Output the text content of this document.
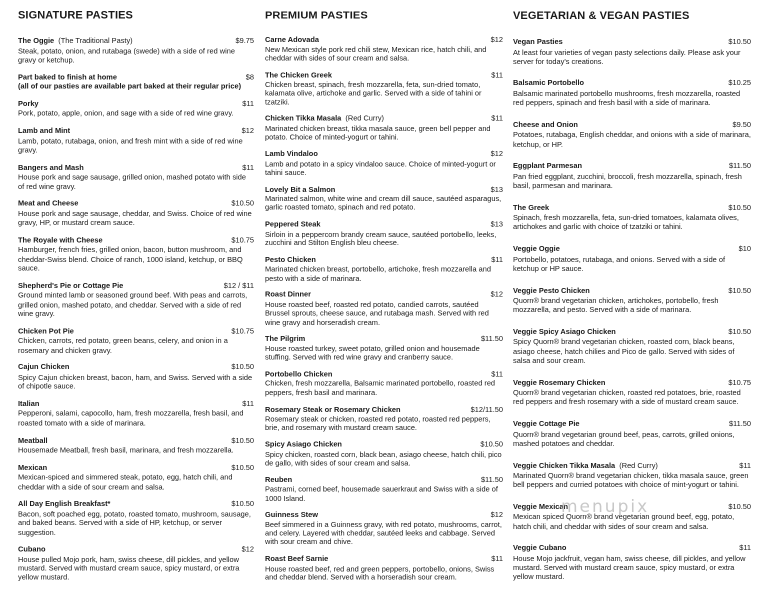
SIGNATURE PASTIES
The Oggie (The Traditional Pasty)	$9.75
Steak, potato, onion, and rutabaga (swede) with a side of red wine gravy or ketchup.
Part baked to finish at home	$8
(all of our pasties are available part baked at their regular price)
Porky	$11
Pork, potato, apple, onion, and sage with a side of red wine gravy.
Lamb and Mint	$12
Lamb, potato, rutabaga, onion, and fresh mint with a side of red wine gravy.
Bangers and Mash	$11
House pork and sage sausage, grilled onion, mashed potato with side of red wine gravy.
Meat and Cheese	$10.50
House pork and sage sausage, cheddar, and Swiss. Choice of red wine gravy, HP, or mustard cream sauce.
The Royale with Cheese	$10.75
Hamburger, french fries, grilled onion, bacon, button mushroom, and cheddar-Swiss blend. Choice of ranch, 1000 island, ketchup, or BBQ sauce.
Shepherd's Pie or Cottage Pie	$12 / $11
Ground minted lamb or seasoned ground beef. With peas and carrots, grilled onion, mashed potato, and cheddar. Served with a side of red wine gravy.
Chicken Pot Pie	$10.75
Chicken, carrots, red potato, green beans, celery, and onion in a rosemary and chicken gravy.
Cajun Chicken	$10.50
Spicy Cajun chicken breast, bacon, ham, and Swiss. Served with a side of chipotle sauce.
Italian	$11
Pepperoni, salami, capocollo, ham, fresh mozzarella, fresh basil, and roasted tomato with a side of marinara.
Meatball	$10.50
Housemade Meatball, fresh basil, marinara, and fresh mozzarella.
Mexican	$10.50
Mexican-spiced and simmered steak, potato, egg, hatch chili, and cheddar with a side of sour cream and salsa.
All Day English Breakfast*	$10.50
Bacon, soft poached egg, potato, roasted tomato, mushroom, sausage, and baked beans. Served with a side of HP, ketchup, or server suggestion.
Cubano	$12
House pulled Mojo pork, ham, swiss cheese, dill pickles, and yellow mustard. Served with mustard cream sauce, spicy mustard, or extra yellow mustard.
PREMIUM PASTIES
Carne Adovada	$12
New Mexican style pork red chili stew, Mexican rice, hatch chili, and cheddar with sides of sour cream and salsa.
The Chicken Greek	$11
Chicken breast, spinach, fresh mozzarella, feta, sun-dried tomato, kalamata olive, artichoke and garlic. Served with a side of tahini or tzatziki.
Chicken Tikka Masala (Red Curry)	$11
Marinated chicken breast, tikka masala sauce, green bell pepper and potato. Choice of minted-yogurt or tahini.
Lamb Vindaloo	$12
Lamb and potato in a spicy vindaloo sauce. Choice of minted-yogurt or tahini sauce.
Lovely Bit a Salmon	$13
Marinated salmon, white wine and cream dill sauce, sautéed asparagus, garlic roasted tomato, spinach and red potato.
Peppered Steak	$13
Sirloin in a peppercorn brandy cream sauce, sautéed portobello, leeks, zucchini and Stilton English bleu cheese.
Pesto Chicken	$11
Marinated chicken breast, portobello, artichoke, fresh mozzarella and pesto with a side of marinara.
Roast Dinner	$12
House roasted beef, roasted red potato, candied carrots, sautéed Brussel sprouts, cheese sauce, and rutabaga mash. Served with red wine gravy and horseradish cream.
The Pilgrim	$11.50
House roasted turkey, sweet potato, grilled onion and housemade stuffing. Served with red wine gravy and cranberry sauce.
Portobello Chicken	$11
Chicken, fresh mozzarella, Balsamic marinated portobello, roasted red peppers, fresh basil and marinara.
Rosemary Steak or Rosemary Chicken	$12/11.50
Rosemary steak or chicken, roasted red potato, roasted red peppers, brie, and rosemary with mustard cream sauce.
Spicy Asiago Chicken	$10.50
Spicy chicken, roasted corn, black bean, asiago cheese, hatch chili, pico de gallo, with sides of sour cream and salsa.
Reuben	$11.50
Pastrami, corned beef, housemade sauerkraut and Swiss with a side of 1000 Island.
Guinness Stew	$12
Beef simmered in a Guinness gravy, with red potato, mushrooms, carrot, and celery. Layered with cheddar, sautéed leeks and cabbage. Served with sour cream and chive.
Roast Beef Sarnie	$11
House roasted beef, red and green peppers, portobello, onions, Swiss and cheddar blend. Served with a horseradish sour cream.
VEGETARIAN & VEGAN PASTIES
Vegan Pasties	$10.50
At least four varieties of vegan pasty selections daily. Please ask your server for today's creations.
Balsamic Portobello	$10.25
Balsamic marinated portobello mushrooms, fresh mozzarella, roasted red peppers, spinach and fresh basil with a side of marinara.
Cheese and Onion	$9.50
Potatoes, rutabaga, English cheddar, and onions with a side of marinara, ketchup, or HP.
Eggplant Parmesan	$11.50
Pan fried eggplant, zucchini, broccoli, fresh mozzarella, spinach, fresh basil, parmesan and marinara.
The Greek	$10.50
Spinach, fresh mozzarella, feta, sun-dried tomatoes, kalamata olives, artichokes and garlic with choice of tzatziki or tahini.
Veggie Oggie	$10
Portobello, potatoes, rutabaga, and onions. Served with a side of ketchup or HP sauce.
Veggie Pesto Chicken	$10.50
Quorn® brand vegetarian chicken, artichokes, portobello, fresh mozzarella, and pesto. Served with a side of marinara.
Veggie Spicy Asiago Chicken	$10.50
Spicy Quorn® brand vegetarian chicken, roasted corn, black beans, asiago cheese, hatch chilies and Pico de gallo. Served with sides of salsa and sour cream.
Veggie Rosemary Chicken	$10.75
Quorn® brand vegetarian chicken, roasted red potatoes, brie, roasted red peppers and fresh rosemary with a side of mustard cream sauce.
Veggie Cottage Pie	$11.50
Quorn® brand vegetarian ground beef, peas, carrots, grilled onions, mashed potatoes and cheddar.
Veggie Chicken Tikka Masala (Red Curry)	$11
Marinated Quorn® brand vegetarian chicken, tikka masala sauce, green bell peppers and curried potatoes with choice of mint-yogurt or tahini.
Veggie Mexican	$10.50
Mexican spiced Quorn® brand vegetarian ground beef, egg, potato, hatch chili, and cheddar with sides of sour cream and salsa.
Veggie Cubano	$11
House Mojo jackfruit, vegan ham, swiss cheese, dill pickles, and yellow mustard. Served with mustard cream sauce, spicy mustard, or extra yellow mustard.
menupix
